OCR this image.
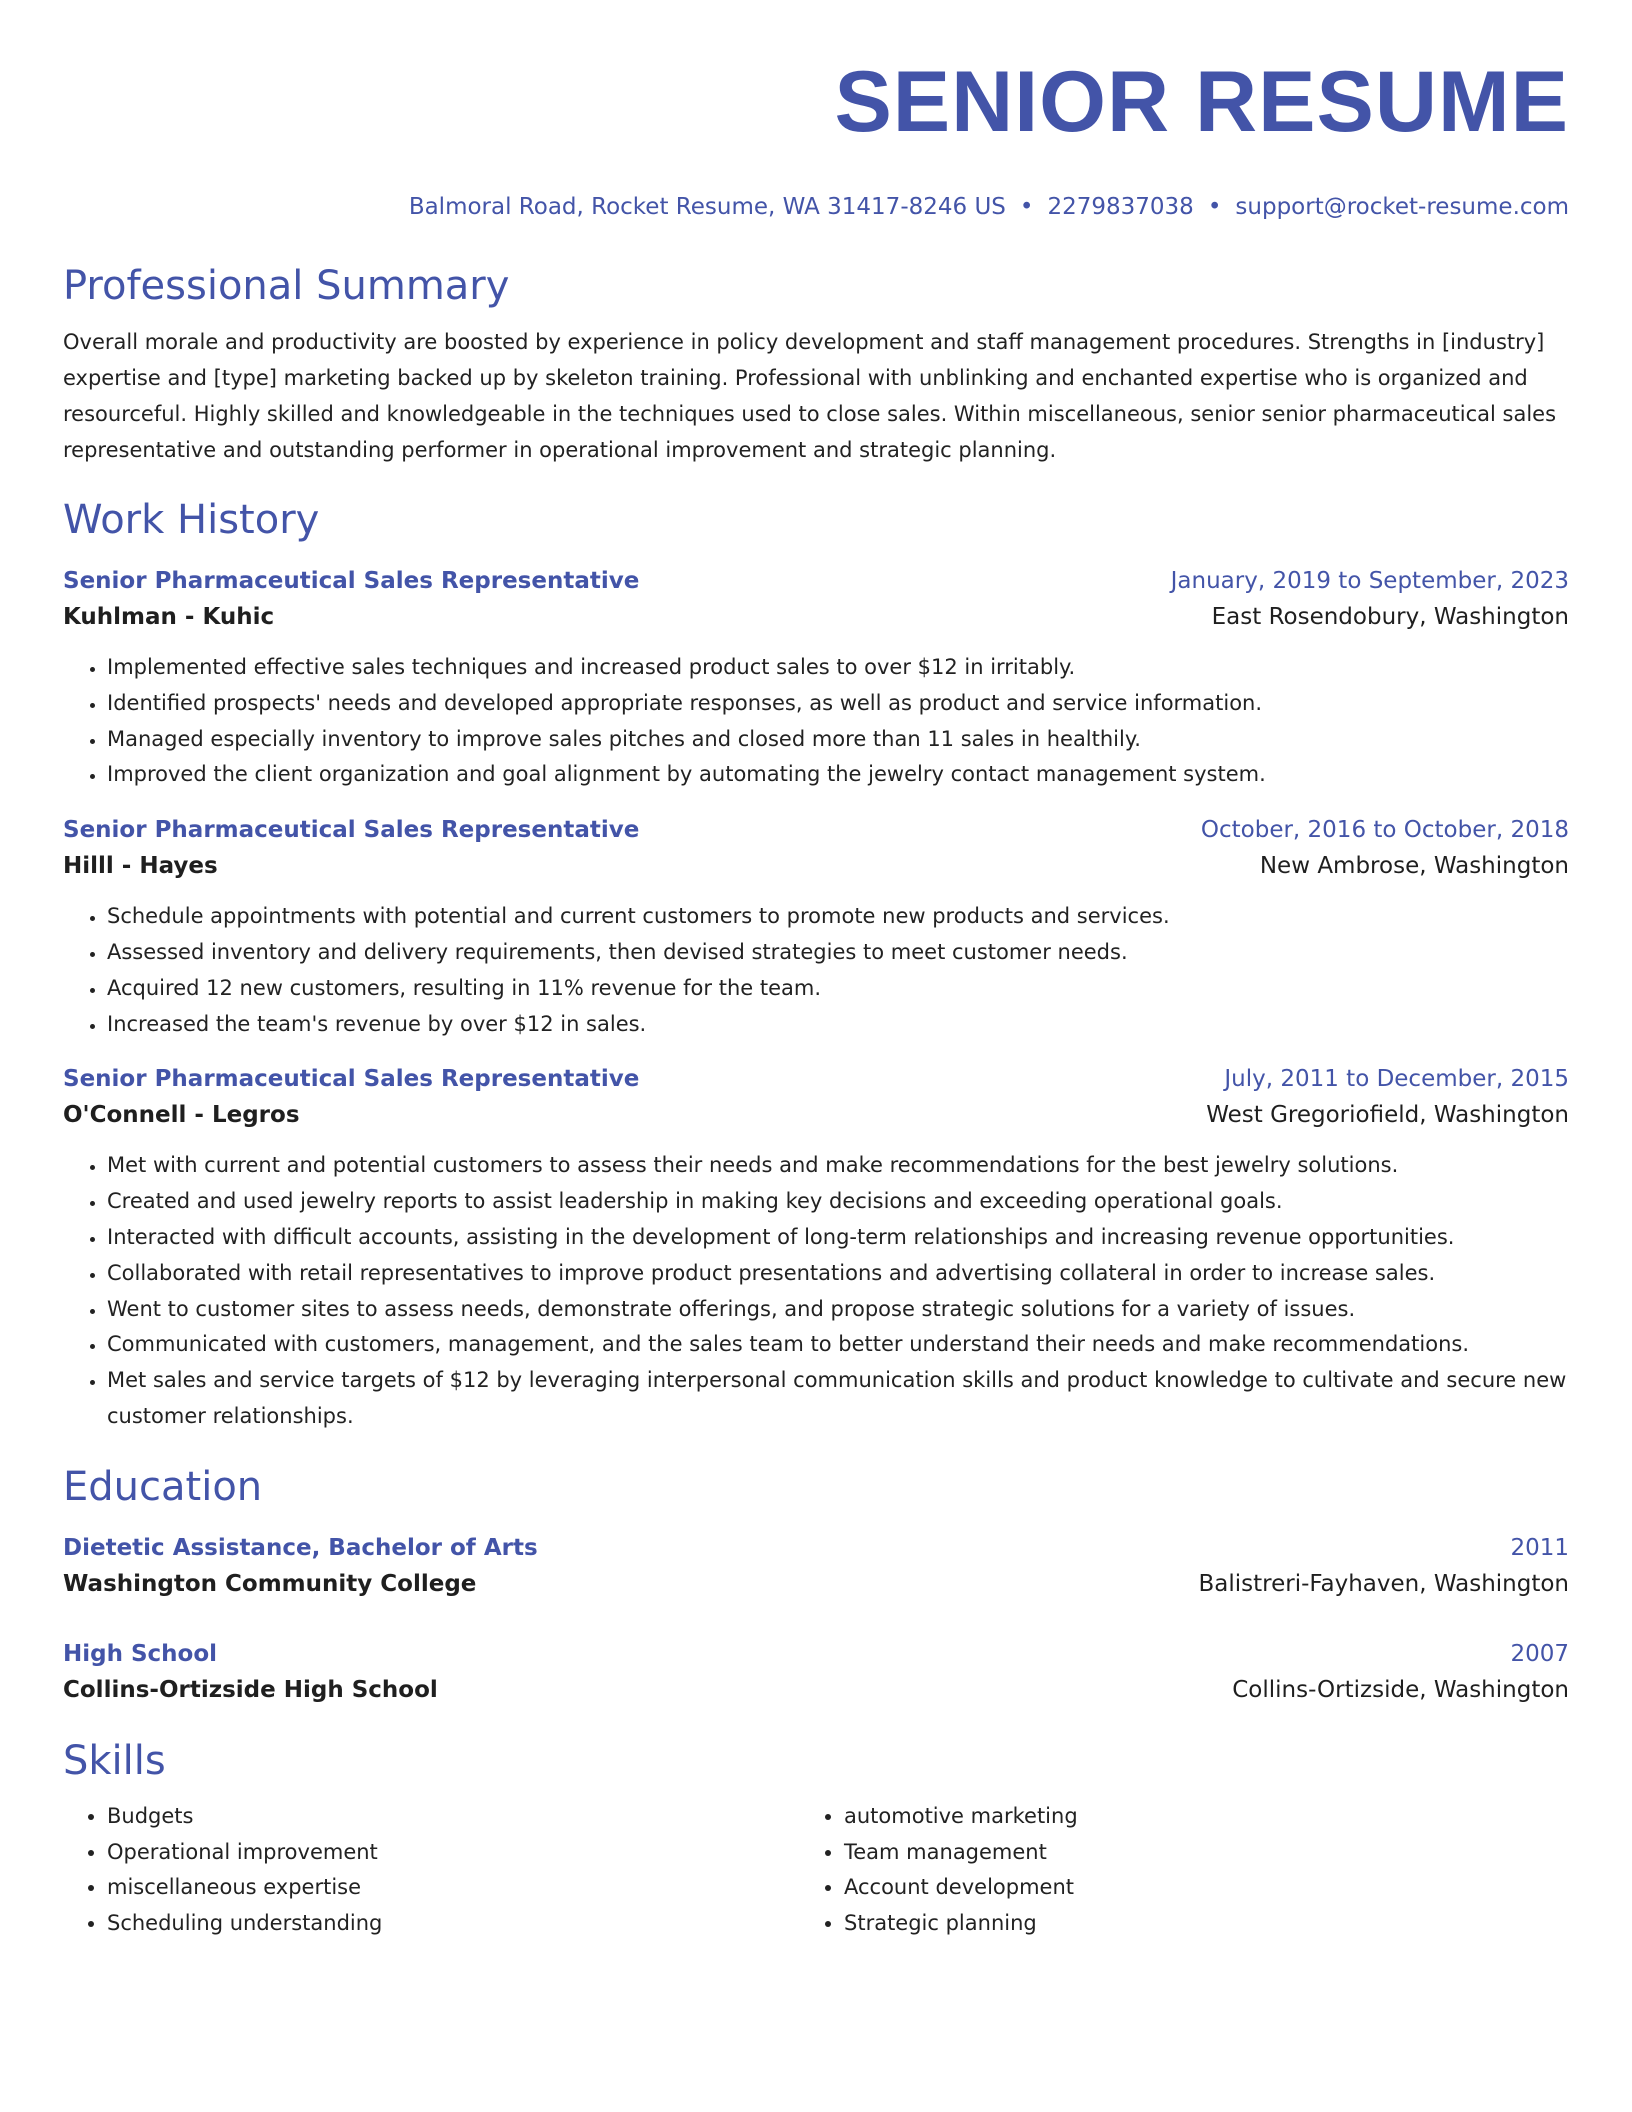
SENIOR RESUME
Balmoral Road, Rocket Resume, WA 31417-8246 US • 2279837038 • support@rocket-resume.com
Professional Summary
Overall morale and productivity are boosted by experience in policy development and staff management procedures. Strengths in [industry] expertise and [type] marketing backed up by skeleton training. Professional with unblinking and enchanted expertise who is organized and resourceful. Highly skilled and knowledgeable in the techniques used to close sales. Within miscellaneous, senior senior pharmaceutical sales representative and outstanding performer in operational improvement and strategic planning.
Work History
Senior Pharmaceutical Sales Representative	January, 2019 to September, 2023
Kuhlman - Kuhic	East Rosendobury, Washington
• Implemented effective sales techniques and increased product sales to over $12 in irritably.
• Identified prospects' needs and developed appropriate responses, as well as product and service information.
• Managed especially inventory to improve sales pitches and closed more than 11 sales in healthily.
• Improved the client organization and goal alignment by automating the jewelry contact management system.
Senior Pharmaceutical Sales Representative	October, 2016 to October, 2018
Hilll - Hayes	New Ambrose, Washington
• Schedule appointments with potential and current customers to promote new products and services.
• Assessed inventory and delivery requirements, then devised strategies to meet customer needs.
• Acquired 12 new customers, resulting in 11% revenue for the team.
• Increased the team's revenue by over $12 in sales.
Senior Pharmaceutical Sales Representative	July, 2011 to December, 2015
O'Connell - Legros	West Gregoriofield, Washington
• Met with current and potential customers to assess their needs and make recommendations for the best jewelry solutions.
• Created and used jewelry reports to assist leadership in making key decisions and exceeding operational goals.
• Interacted with difficult accounts, assisting in the development of long-term relationships and increasing revenue opportunities.
• Collaborated with retail representatives to improve product presentations and advertising collateral in order to increase sales.
• Went to customer sites to assess needs, demonstrate offerings, and propose strategic solutions for a variety of issues.
• Communicated with customers, management, and the sales team to better understand their needs and make recommendations.
• Met sales and service targets of $12 by leveraging interpersonal communication skills and product knowledge to cultivate and secure new customer relationships.
Education
Dietetic Assistance, Bachelor of Arts	2011
Washington Community College	Balistreri-Fayhaven, Washington
High School	2007
Collins-Ortizside High School	Collins-Ortizside, Washington
Skills
• Budgets
• Operational improvement
• miscellaneous expertise
• Scheduling understanding
• automotive marketing
• Team management
• Account development
• Strategic planning
